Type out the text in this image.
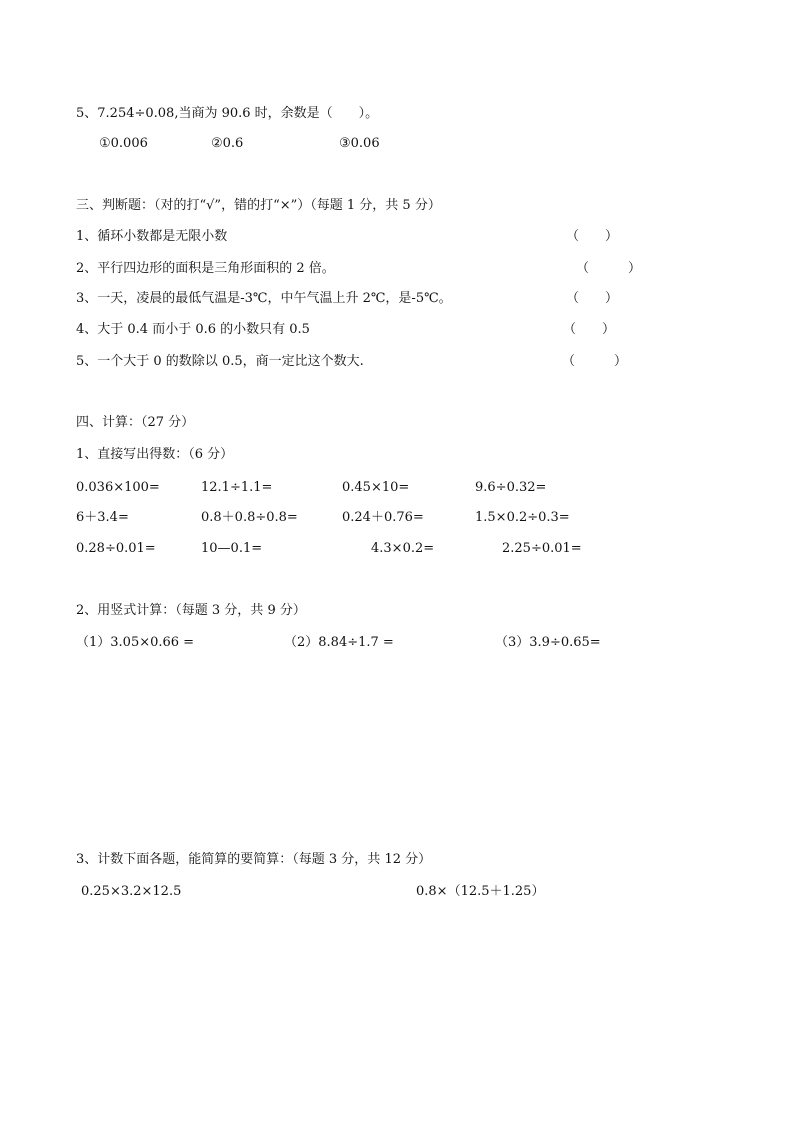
5、7.254÷0.08,当商为 90.6 时，余数是（　　）。
①0.006	②0.6	③0.06
三、判断题：（对的打“√”，错的打“×”）（每题 1 分，共 5 分）
1、循环小数都是无限小数	（　　）
2、平行四边形的面积是三角形面积的 2 倍。	（　　　）
3、一天，凌晨的最低气温是-3℃，中午气温上升 2℃，是-5℃。	（　　）
4、大于 0.4 而小于 0.6 的小数只有 0.5	（　　）
5、一个大于 0 的数除以 0.5，商一定比这个数大.	（　　　）
四、计算：（27 分）
1、直接写出得数：（6 分）
0.036×100=	12.1÷1.1=	0.45×10=	9.6÷0.32=
6＋3.4=	0.8＋0.8÷0.8=	0.24＋0.76=	1.5×0.2÷0.3=
0.28÷0.01=	10—0.1=	4.3×0.2=	2.25÷0.01=
2、用竖式计算：（每题 3 分，共 9 分）
（1）3.05×0.66 =	（2）8.84÷1.7 =	（3）3.9÷0.65=
3、计数下面各题，能简算的要简算：（每题 3 分，共 12 分）
0.25×3.2×12.5	0.8×（12.5＋1.25）
